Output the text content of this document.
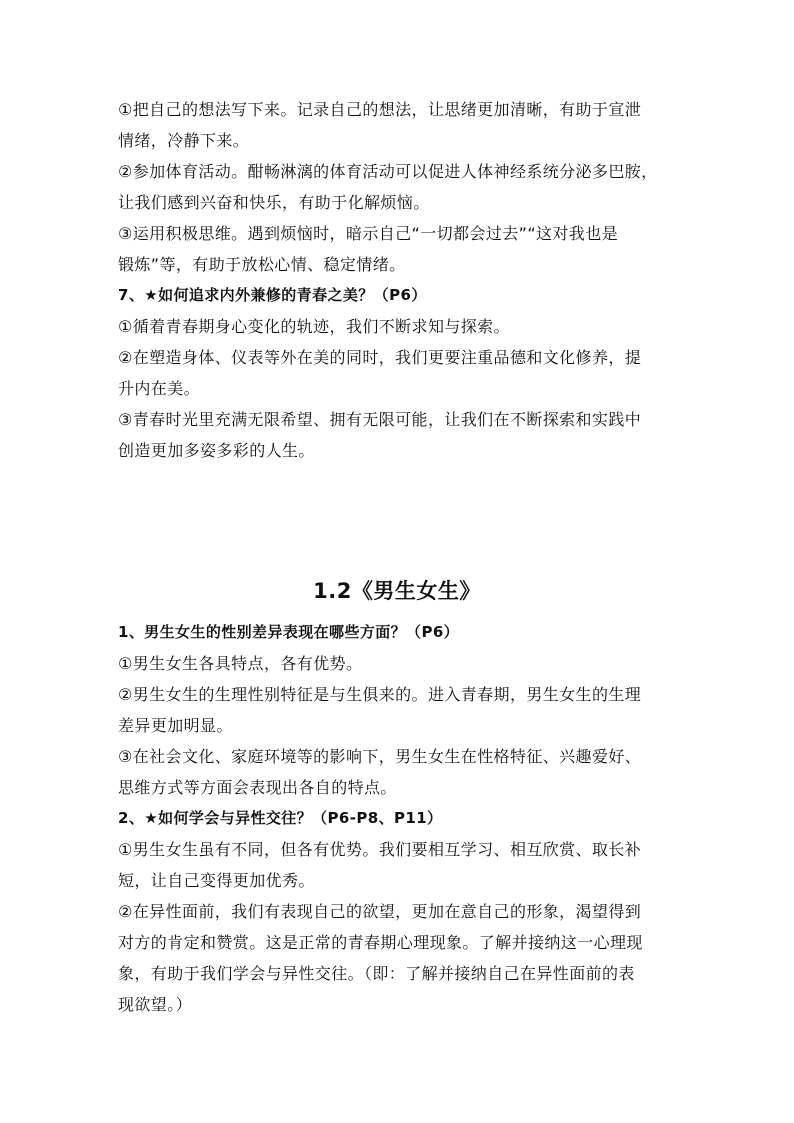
①把自己的想法写下来。记录自己的想法，让思绪更加清晰，有助于宣泄
情绪，冷静下来。
②参加体育活动。酣畅淋漓的体育活动可以促进人体神经系统分泌多巴胺，
让我们感到兴奋和快乐，有助于化解烦恼。
③运用积极思维。遇到烦恼时，暗示自己“一切都会过去”“这对我也是
锻炼”等，有助于放松心情、稳定情绪。
7、★如何追求内外兼修的青春之美？（P6）
①循着青春期身心变化的轨迹，我们不断求知与探索。
②在塑造身体、仪表等外在美的同时，我们更要注重品德和文化修养，提
升内在美。
③青春时光里充满无限希望、拥有无限可能，让我们在不断探索和实践中
创造更加多姿多彩的人生。
1.2《男生女生》
1、男生女生的性别差异表现在哪些方面？（P6）
①男生女生各具特点，各有优势。
②男生女生的生理性别特征是与生俱来的。进入青春期，男生女生的生理
差异更加明显。
③在社会文化、家庭环境等的影响下，男生女生在性格特征、兴趣爱好、
思维方式等方面会表现出各自的特点。
2、★如何学会与异性交往？（P6-P8、P11）
①男生女生虽有不同，但各有优势。我们要相互学习、相互欣赏、取长补
短，让自己变得更加优秀。
②在异性面前，我们有表现自己的欲望，更加在意自己的形象，渴望得到
对方的肯定和赞赏。这是正常的青春期心理现象。了解并接纳这一心理现
象，有助于我们学会与异性交往。（即：了解并接纳自己在异性面前的表
现欲望。）
